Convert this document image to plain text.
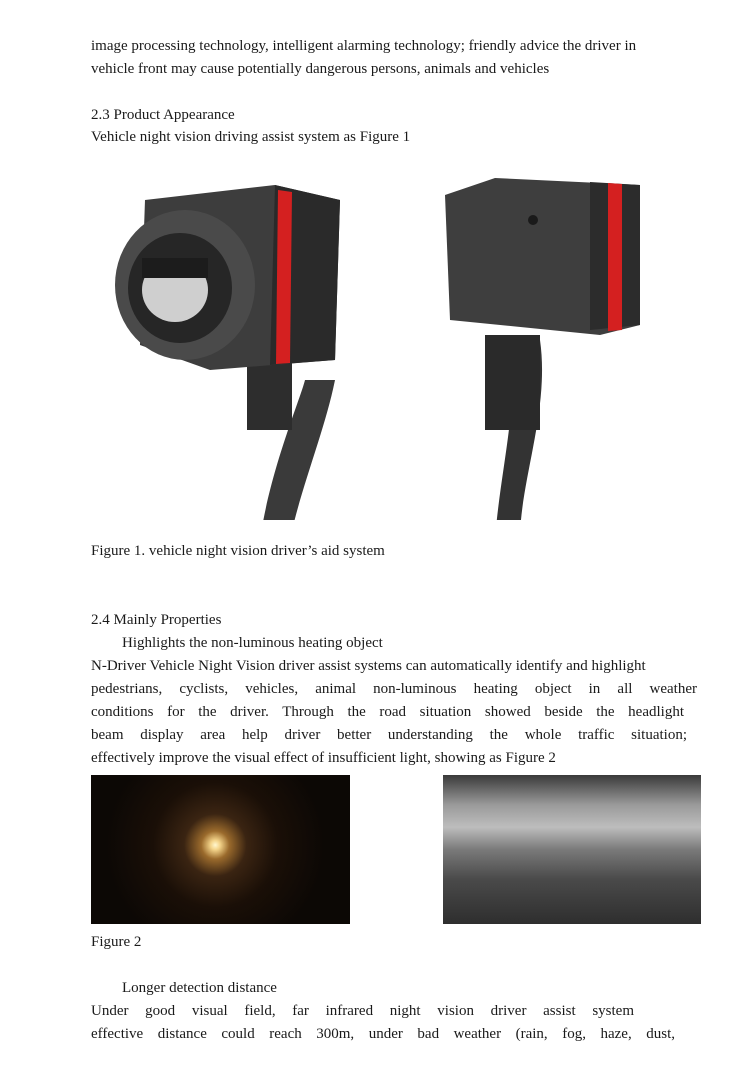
image processing technology, intelligent alarming technology; friendly advice the driver in
vehicle front may cause potentially dangerous persons, animals and vehicles
2.3 Product Appearance
Vehicle night vision driving assist system as Figure 1
Figure 1. vehicle night vision driver’s aid system
2.4 Mainly Properties
Highlights the non-luminous heating object
N-Driver Vehicle Night Vision driver assist systems can automatically identify and highlight
pedestrians, cyclists, vehicles, animal non-luminous heating object in all weather
conditions for the driver. Through the road situation showed beside the headlight
beam display area help driver better understanding the whole traffic situation;
effectively improve the visual effect of insufficient light, showing as Figure 2
Figure 2
Longer detection distance
Under good visual field, far infrared night vision driver assist system
effective distance could reach 300m, under bad weather (rain, fog, haze, dust,
